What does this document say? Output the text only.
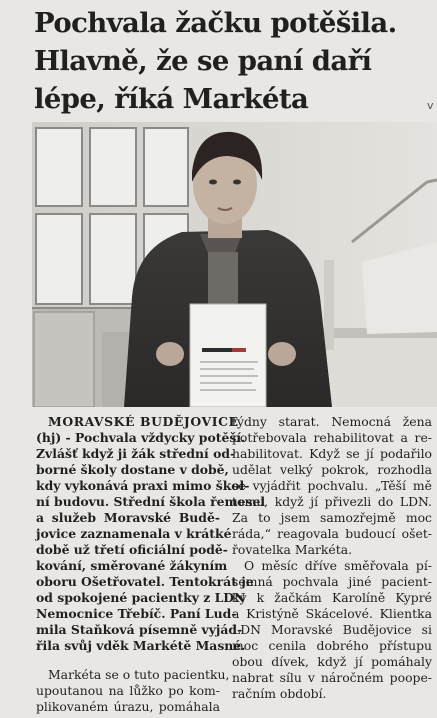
Pochvala žačku potěšila.
Hlavně, že se paní daří
lépe, říká Markéta	v

MORAVSKÉ BUDĚJOVICE

(hj) - Pochvala vždycky potěší.

Zvlášť když ji žák střední od-

borné školy dostane v době,

kdy vykonává praxi mimo škol-

ní budovu. Střední škola řemesel

a služeb Moravské Budě-

jovice zaznamenala v krátké

době už třetí oficiální podě-

kování, směrované žákyním

oboru Ošetřovatel. Tentokrát je

od spokojené pacientky z LDN

Nemocnice Třebíč. Paní Lud-

mila Staňková písemně vyjád-

řila svůj vděk Markétě Masné.

Markéta se o tuto pacientku,

upoutanou na lůžko po kom-

plikovaném úrazu, pomáhala

týdny starat. Nemocná žena

potřebovala rehabilitovat a re-

habilitovat. Když se jí podařilo

udělat velký pokrok, rozhodla

se vyjádřit pochvalu. „Těší mě

tomu, když jí přivezli do LDN.

Za to jsem samozřejmě moc

ráda,“ reagovala budoucí ošet-

řovatelka Markéta.

O měsíc dříve směřovala pí-

semná pochvala jiné pacient-

ky k žačkám Karolíně Kypré

a Kristýně Skácelové. Klientka

LDN Moravské Budějovice si

moc cenila dobrého přístupu

obou dívek, když jí pomáhaly

nabrat sílu v náročném poope-

račním období.
